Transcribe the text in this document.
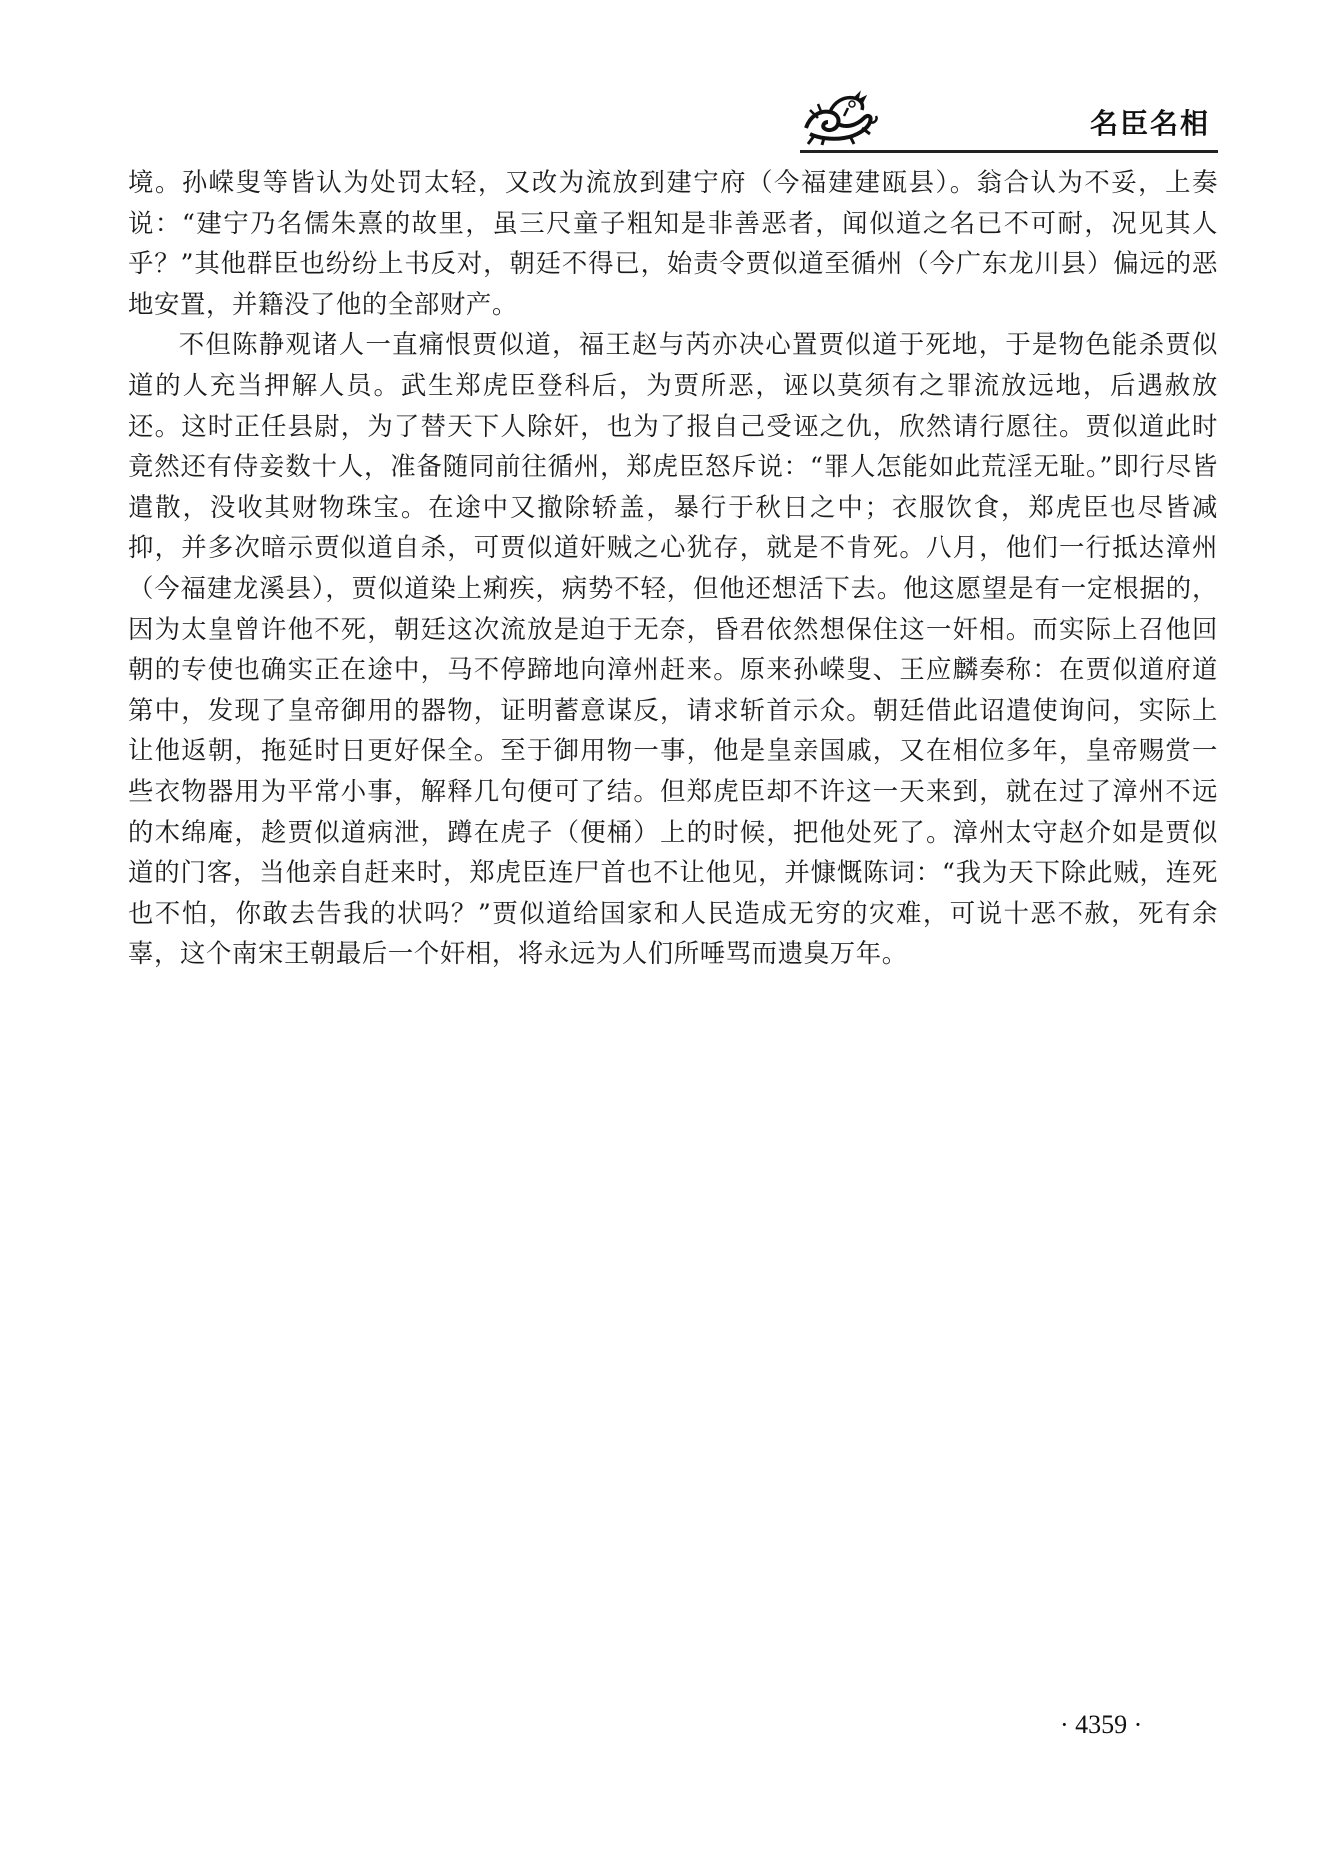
名臣名相

境。孙嵘叟等皆认为处罚太轻，又改为流放到建宁府（今福建建瓯县）。翁合认为不妥，上奏说：“建宁乃名儒朱熹的故里，虽三尺童子粗知是非善恶者，闻似道之名已不可耐，况见其人乎？”其他群臣也纷纷上书反对，朝廷不得已，始责令贾似道至循州（今广东龙川县）偏远的恶地安置，并籍没了他的全部财产。

不但陈静观诸人一直痛恨贾似道，福王赵与芮亦决心置贾似道于死地，于是物色能杀贾似道的人充当押解人员。武生郑虎臣登科后，为贾所恶，诬以莫须有之罪流放远地，后遇赦放还。这时正任县尉，为了替天下人除奸，也为了报自己受诬之仇，欣然请行愿往。贾似道此时竟然还有侍妾数十人，准备随同前往循州，郑虎臣怒斥说：“罪人怎能如此荒淫无耻。”即行尽皆遣散，没收其财物珠宝。在途中又撤除轿盖，暴行于秋日之中；衣服饮食，郑虎臣也尽皆减抑，并多次暗示贾似道自杀，可贾似道奸贼之心犹存，就是不肯死。八月，他们一行抵达漳州（今福建龙溪县），贾似道染上痢疾，病势不轻，但他还想活下去。他这愿望是有一定根据的，因为太皇曾许他不死，朝廷这次流放是迫于无奈，昏君依然想保住这一奸相。而实际上召他回朝的专使也确实正在途中，马不停蹄地向漳州赶来。原来孙嵘叟、王应麟奏称：在贾似道府道第中，发现了皇帝御用的器物，证明蓄意谋反，请求斩首示众。朝廷借此诏遣使询问，实际上让他返朝，拖延时日更好保全。至于御用物一事，他是皇亲国戚，又在相位多年，皇帝赐赏一些衣物器用为平常小事，解释几句便可了结。但郑虎臣却不许这一天来到，就在过了漳州不远的木绵庵，趁贾似道病泄，蹲在虎子（便桶）上的时候，把他处死了。漳州太守赵介如是贾似道的门客，当他亲自赶来时，郑虎臣连尸首也不让他见，并慷慨陈词：“我为天下除此贼，连死也不怕，你敢去告我的状吗？”贾似道给国家和人民造成无穷的灾难，可说十恶不赦，死有余辜，这个南宋王朝最后一个奸相，将永远为人们所唾骂而遗臭万年。

· 4359 ·
